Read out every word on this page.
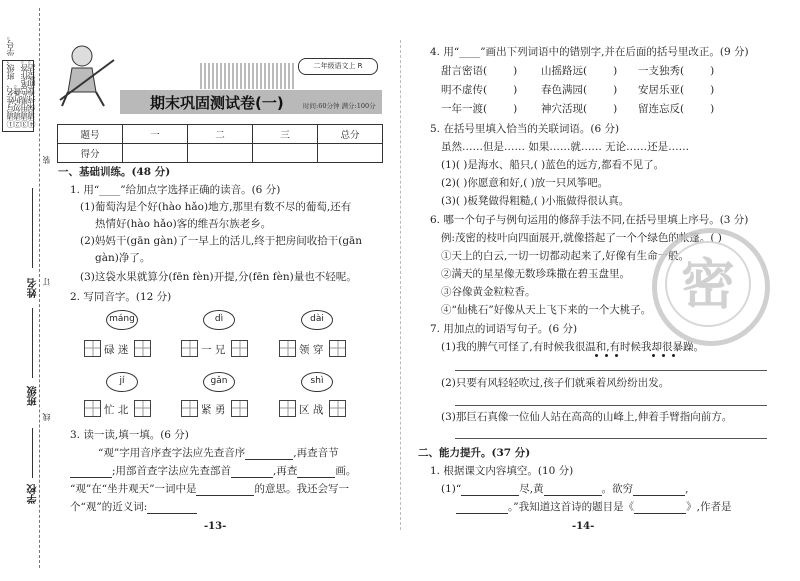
①请写姓名、班级、学号。
②请勿折叠。
③请用黑色笔作答。
④请保持卷面整洁。
装
订
线
姓名
班级
学校
二年级语文上 R
期末巩固测试卷(一)	时间:60分钟 满分:100分
题号	一	二	三	总分
得分				
一、基础训练。(48 分)
1. 用“____”给加点字选择正确的读音。(6 分)
(1)葡萄沟是个好(hào hǎo)地方,那里有数不尽的葡萄,还有
热情好(hào hǎo)客的维吾尔族老乡。
(2)妈妈干(gān gàn)了一早上的活儿,终于把房间收拾干(gān
gàn)净了。
(3)这袋水果就算分(fēn fèn)开提,分(fēn fèn)量也不轻呢。
2. 写同音字。(12 分)
máng
碌 迷
dì
一 兄
dài
领 穿
jí
忙 北
gǎn
紧 勇
shì
区 战
3. 读一读,填一填。(6 分)
“观”字用音序查字法应先查音序	,再查音节
;用部首查字法应先查部首	,再查	画。
“观”在“坐井观天”一词中是	的意思。我还会写一
个“观”的近义词:
-13-
4. 用“____”画出下列词语中的错别字,并在后面的括号里改正。(9 分)
甜言密语( ) 山摇路远( ) 一支独秀( )
明不虚传( ) 春色满园( ) 安居乐亚( )
一年一渡( ) 神穴活现( ) 留连忘反( )
5. 在括号里填入恰当的关联词语。(6 分)
虽然……但是…… 如果……就…… 无论……还是……
(1)( )是海水、船只,( )蓝色的远方,都看不见了。
(2)( )你愿意和好,( )放一只风筝吧。
(3)( )板凳做得粗糙,( )小瓶做得很认真。
6. 哪一个句子与例句运用的修辞手法不同,在括号里填上序号。(3 分)
例:茂密的枝叶向四面展开,就像搭起了一个个绿色的帐篷。( )
①天上的白云,一切一切都动起来了,好像有生命一般。
②满天的星星像无数珍珠撒在碧玉盘里。
③谷像黄金粒粒香。
④“仙桃石”好像从天上飞下来的一个大桃子。
7. 用加点的词语写句子。(6 分)
(1)我的脾气可怪了,有时候我很温和,有时候我却很暴躁。
(2)只要有风轻轻吹过,孩子们就乘着风纷纷出发。
(3)那巨石真像一位仙人站在高高的山峰上,伸着手臂指向前方。
二、能力提升。(37 分)
1. 根据课文内容填空。(10 分)
(1)“	尽,黄	。欲穷	,
。”我知道这首诗的题目是《	》,作者是
-14-
密
